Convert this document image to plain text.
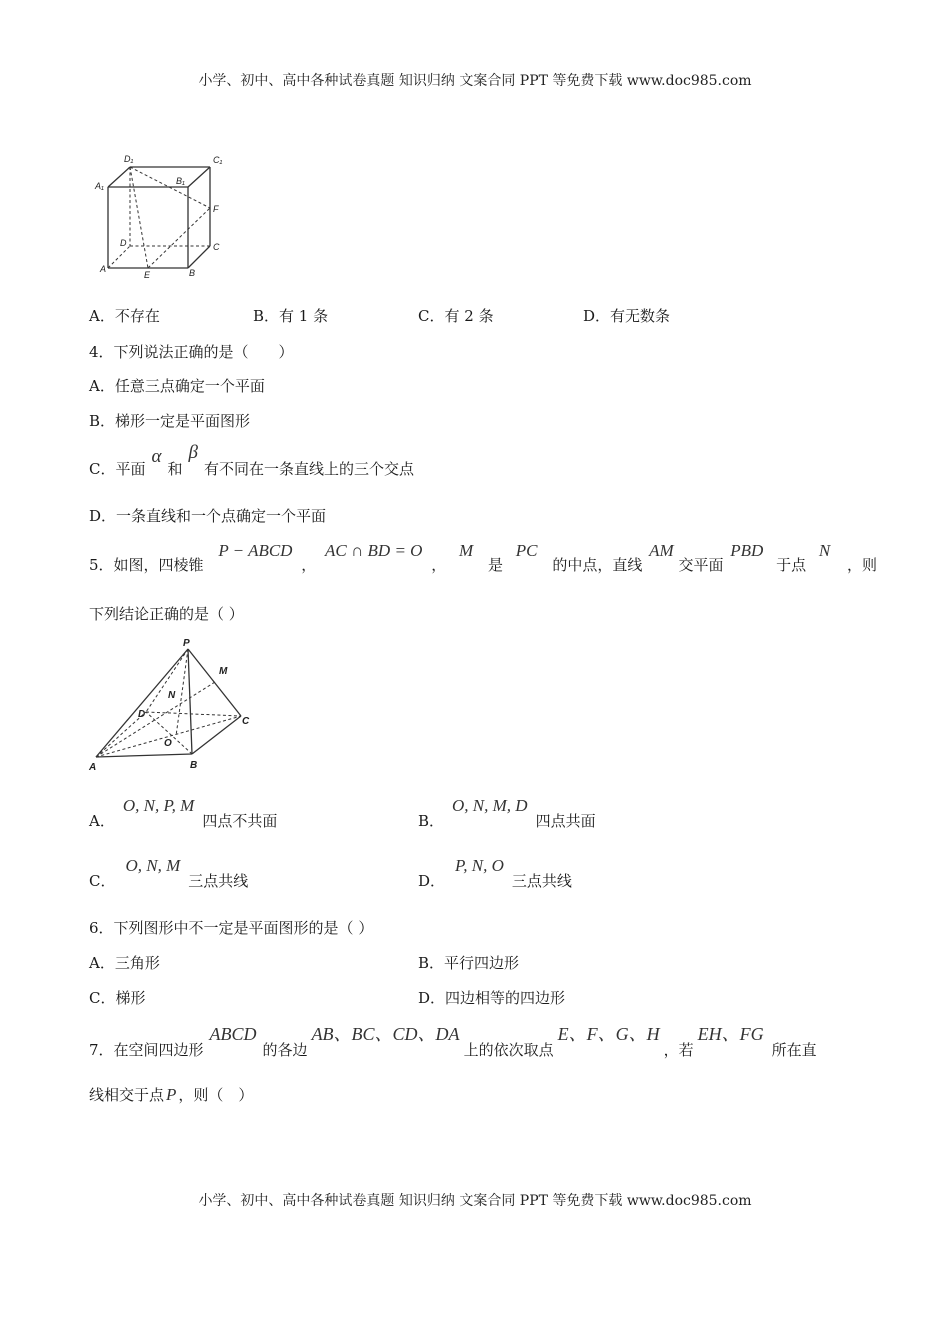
小学、初中、高中各种试卷真题 知识归纳 文案合同 PPT 等免费下载 www.doc985.com
D₁	C₁
A₁	B₁
F
D	C
A
E	B
A．不存在	B．有 1 条	C．有 2 条	D．有无数条
4．下列说法正确的是（　　）
A．任意三点确定一个平面
B．梯形一定是平面图形
C．平面α和β有不同在一条直线上的三个交点
D．一条直线和一个点确定一个平面
5．如图，四棱锥 P − ABCD ， AC ∩ BD = O ， M 是 PC 的中点，直线 AM 交平面 PBD 于点 N ，则
下列结论正确的是（ ）
P
M
N
D
C
O
A	B
A．O, N, P, M四点不共面	B．O, N, M, D四点共面
C．O, N, M三点共线	D．P, N, O三点共线
6．下列图形中不一定是平面图形的是（ ）
A．三角形	B．平行四边形
C．梯形	D．四边相等的四边形
7．在空间四边形ABCD的各边AB、BC、CD、DA上的依次取点E、F、G、H，若EH、FG所在直
线相交于点 P ，则（　）
小学、初中、高中各种试卷真题 知识归纳 文案合同 PPT 等免费下载 www.doc985.com
